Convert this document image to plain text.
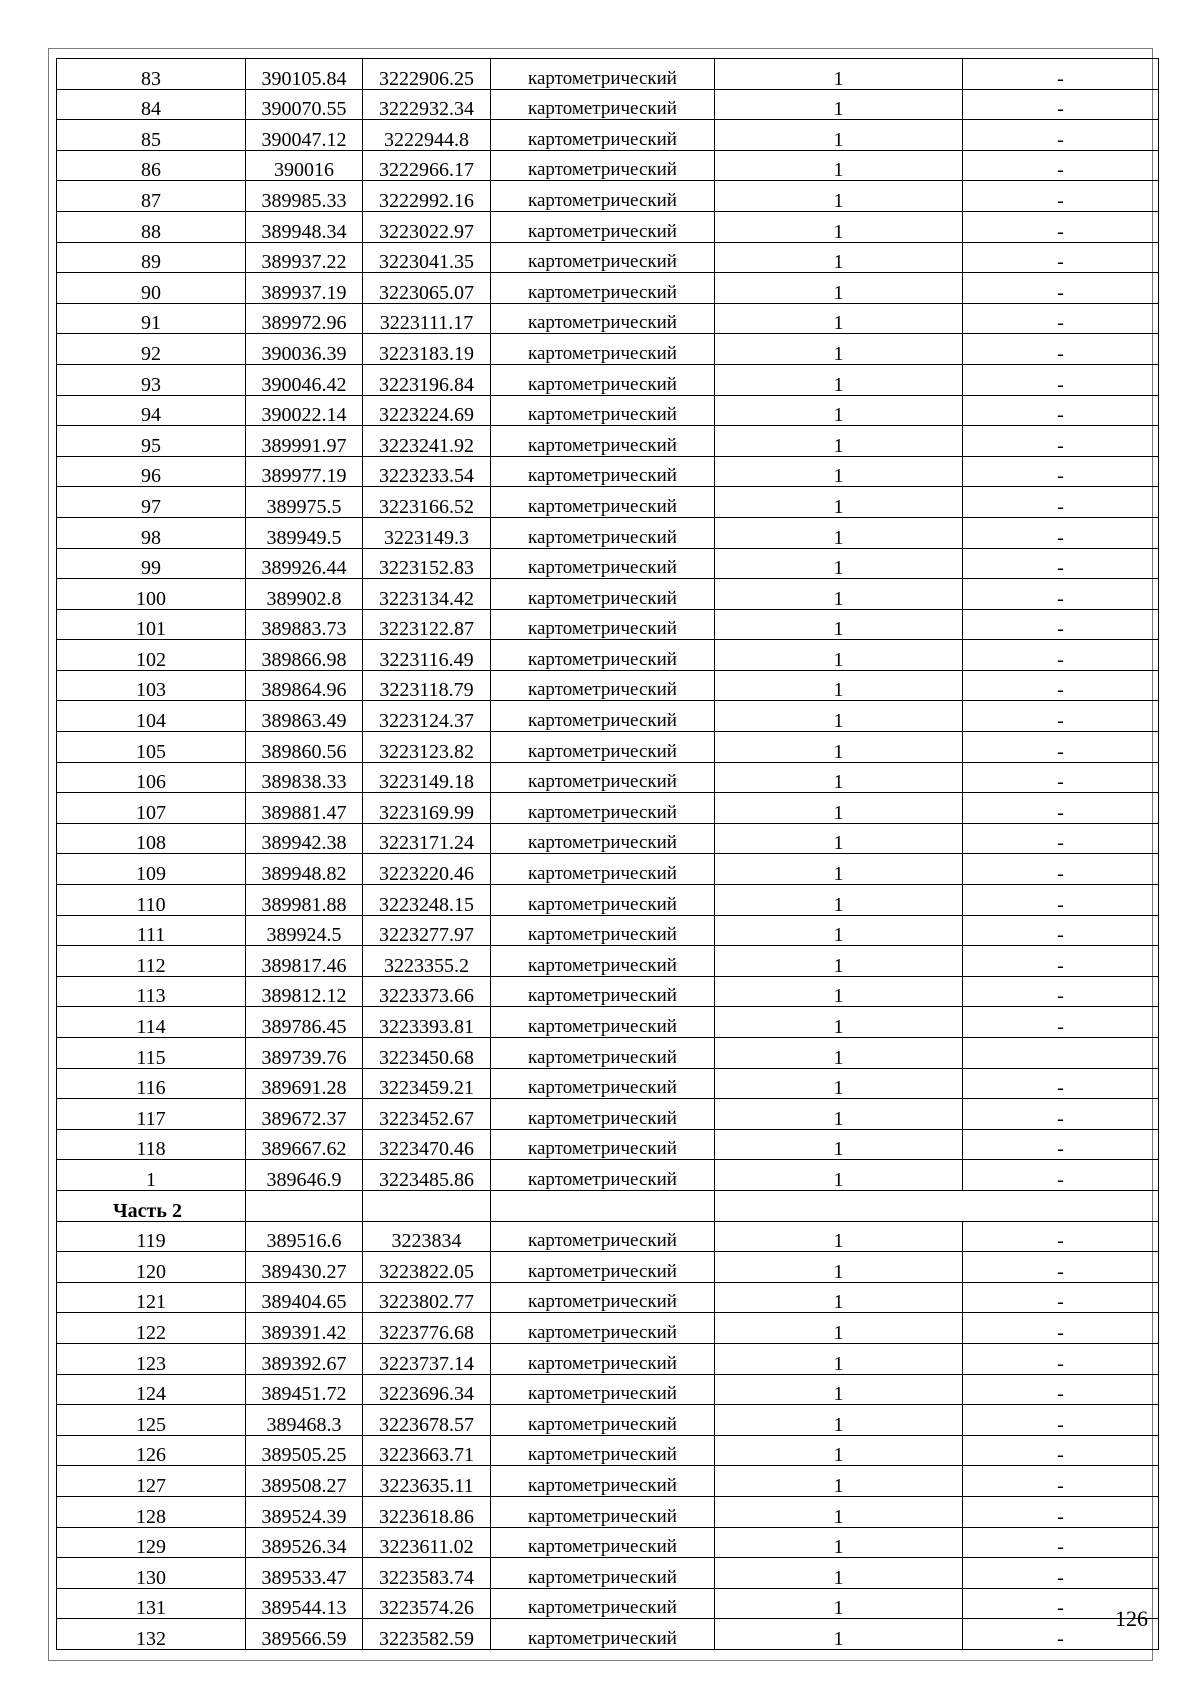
83	390105.84	3222906.25	картометрический	1	-
84	390070.55	3222932.34	картометрический	1	-
85	390047.12	3222944.8	картометрический	1	-
86	390016	3222966.17	картометрический	1	-
87	389985.33	3222992.16	картометрический	1	-
88	389948.34	3223022.97	картометрический	1	-
89	389937.22	3223041.35	картометрический	1	-
90	389937.19	3223065.07	картометрический	1	-
91	389972.96	3223111.17	картометрический	1	-
92	390036.39	3223183.19	картометрический	1	-
93	390046.42	3223196.84	картометрический	1	-
94	390022.14	3223224.69	картометрический	1	-
95	389991.97	3223241.92	картометрический	1	-
96	389977.19	3223233.54	картометрический	1	-
97	389975.5	3223166.52	картометрический	1	-
98	389949.5	3223149.3	картометрический	1	-
99	389926.44	3223152.83	картометрический	1	-
100	389902.8	3223134.42	картометрический	1	-
101	389883.73	3223122.87	картометрический	1	-
102	389866.98	3223116.49	картометрический	1	-
103	389864.96	3223118.79	картометрический	1	-
104	389863.49	3223124.37	картометрический	1	-
105	389860.56	3223123.82	картометрический	1	-
106	389838.33	3223149.18	картометрический	1	-
107	389881.47	3223169.99	картометрический	1	-
108	389942.38	3223171.24	картометрический	1	-
109	389948.82	3223220.46	картометрический	1	-
110	389981.88	3223248.15	картометрический	1	-
111	389924.5	3223277.97	картометрический	1	-
112	389817.46	3223355.2	картометрический	1	-
113	389812.12	3223373.66	картометрический	1	-
114	389786.45	3223393.81	картометрический	1	-
115	389739.76	3223450.68	картометрический	1	
116	389691.28	3223459.21	картометрический	1	-
117	389672.37	3223452.67	картометрический	1	-
118	389667.62	3223470.46	картометрический	1	-
1	389646.9	3223485.86	картометрический	1	-
Часть 2					
119	389516.6	3223834	картометрический	1	-
120	389430.27	3223822.05	картометрический	1	-
121	389404.65	3223802.77	картометрический	1	-
122	389391.42	3223776.68	картометрический	1	-
123	389392.67	3223737.14	картометрический	1	-
124	389451.72	3223696.34	картометрический	1	-
125	389468.3	3223678.57	картометрический	1	-
126	389505.25	3223663.71	картометрический	1	-
127	389508.27	3223635.11	картометрический	1	-
128	389524.39	3223618.86	картометрический	1	-
129	389526.34	3223611.02	картометрический	1	-
130	389533.47	3223583.74	картометрический	1	-
131	389544.13	3223574.26	картометрический	1	-
132	389566.59	3223582.59	картометрический	1	-
126
